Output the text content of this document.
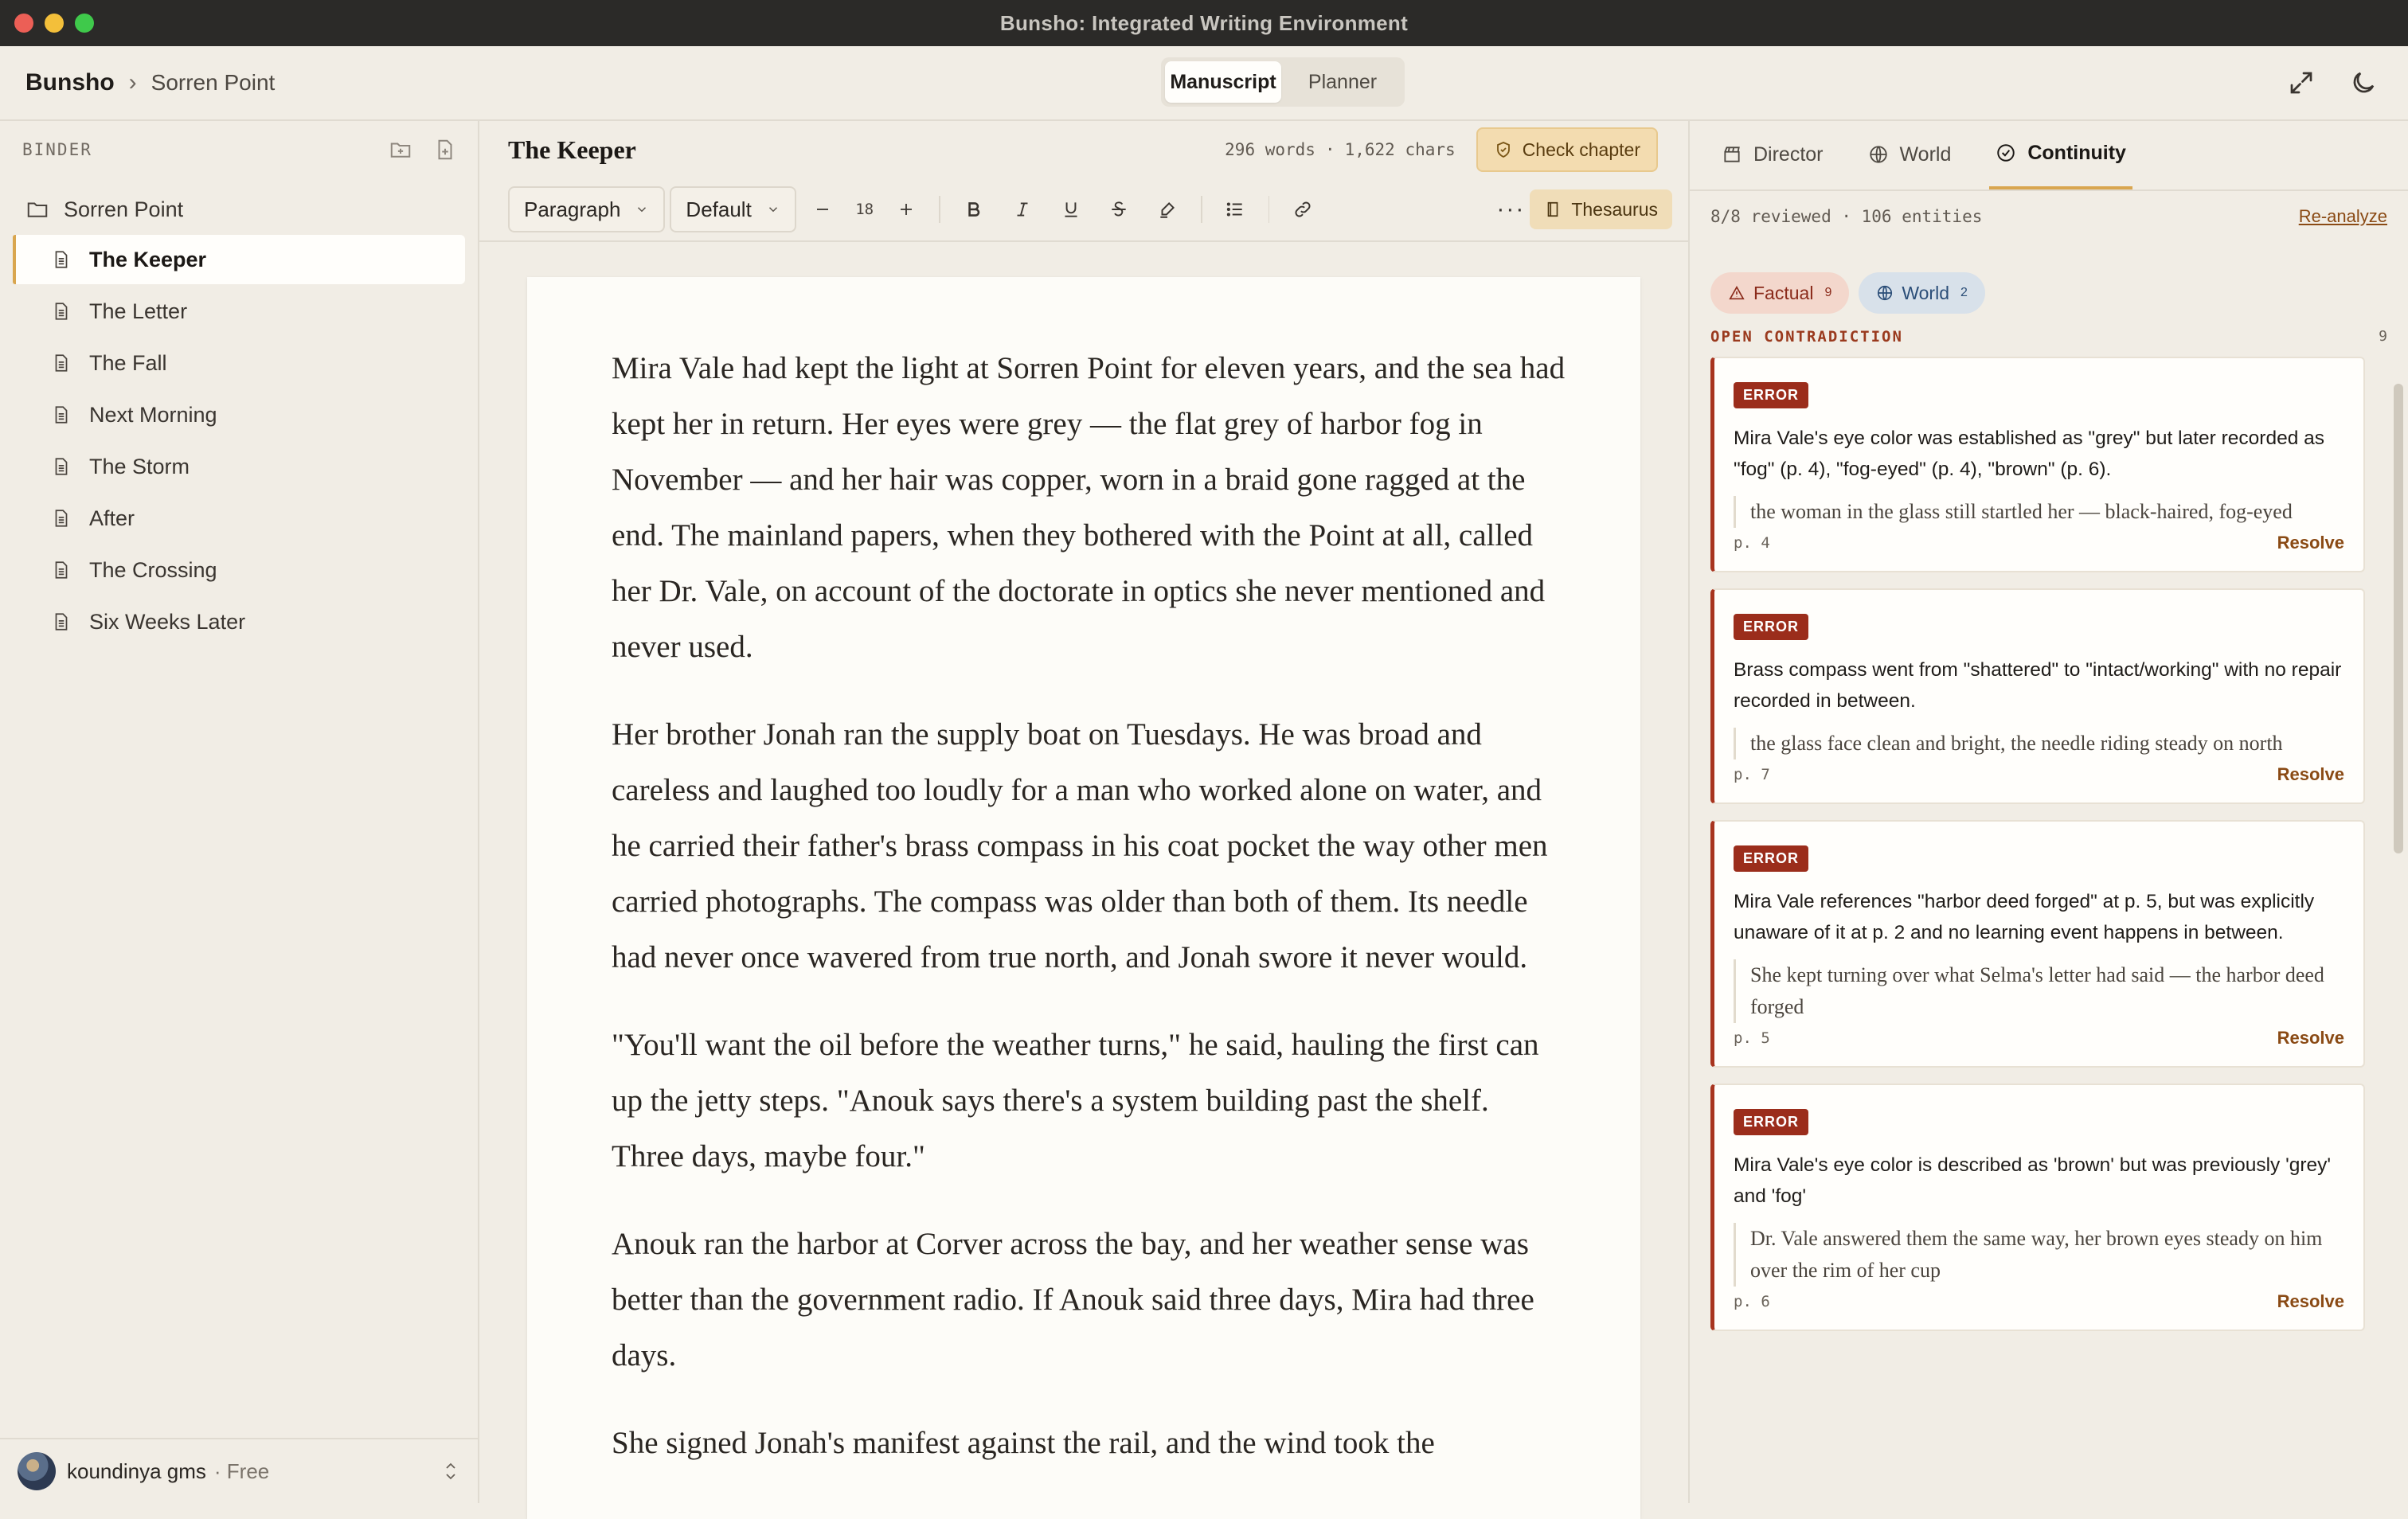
Bunsho: Integrated Writing Environment
Bunsho › Sorren Point	Manuscript	Planner
BINDER
Sorren Point
The Keeper
The Letter
The Fall
Next Morning
The Storm
After
The Crossing
Six Weeks Later
koundinya gms · Free
The Keeper	296 words · 1,622 chars	Check chapter
Paragraph	Default	18	···	Thesaurus
Director	World	Continuity
8/8 reviewed · 106 entities	Re-analyze
Factual 9	World 2
OPEN CONTRADICTION	9
ERROR
Mira Vale's eye color was established as "grey" but later recorded as "fog" (p. 4), "fog-eyed" (p. 4), "brown" (p. 6).
the woman in the glass still startled her — black-haired, fog-eyed
p. 4	Resolve
ERROR
Brass compass went from "shattered" to "intact/working" with no repair recorded in between.
the glass face clean and bright, the needle riding steady on north
p. 7	Resolve
ERROR
Mira Vale references "harbor deed forged" at p. 5, but was explicitly unaware of it at p. 2 and no learning event happens in between.
She kept turning over what Selma's letter had said — the harbor deed forged
p. 5	Resolve
ERROR
Mira Vale's eye color is described as 'brown' but was previously 'grey' and 'fog'
Dr. Vale answered them the same way, her brown eyes steady on him over the rim of her cup
p. 6	Resolve

Mira Vale had kept the light at Sorren Point for eleven years, and the sea had kept her in return. Her eyes were grey — the flat grey of harbor fog in November — and her hair was copper, worn in a braid gone ragged at the end. The mainland papers, when they bothered with the Point at all, called her Dr. Vale, on account of the doctorate in optics she never mentioned and never used.

Her brother Jonah ran the supply boat on Tuesdays. He was broad and careless and laughed too loudly for a man who worked alone on water, and he carried their father's brass compass in his coat pocket the way other men carried photographs. The compass was older than both of them. Its needle had never once wavered from true north, and Jonah swore it never would.

"You'll want the oil before the weather turns," he said, hauling the first can up the jetty steps. "Anouk says there's a system building past the shelf. Three days, maybe four."

Anouk ran the harbor at Corver across the bay, and her weather sense was better than the government radio. If Anouk said three days, Mira had three days.

She signed Jonah's manifest against the rail, and the wind took the
